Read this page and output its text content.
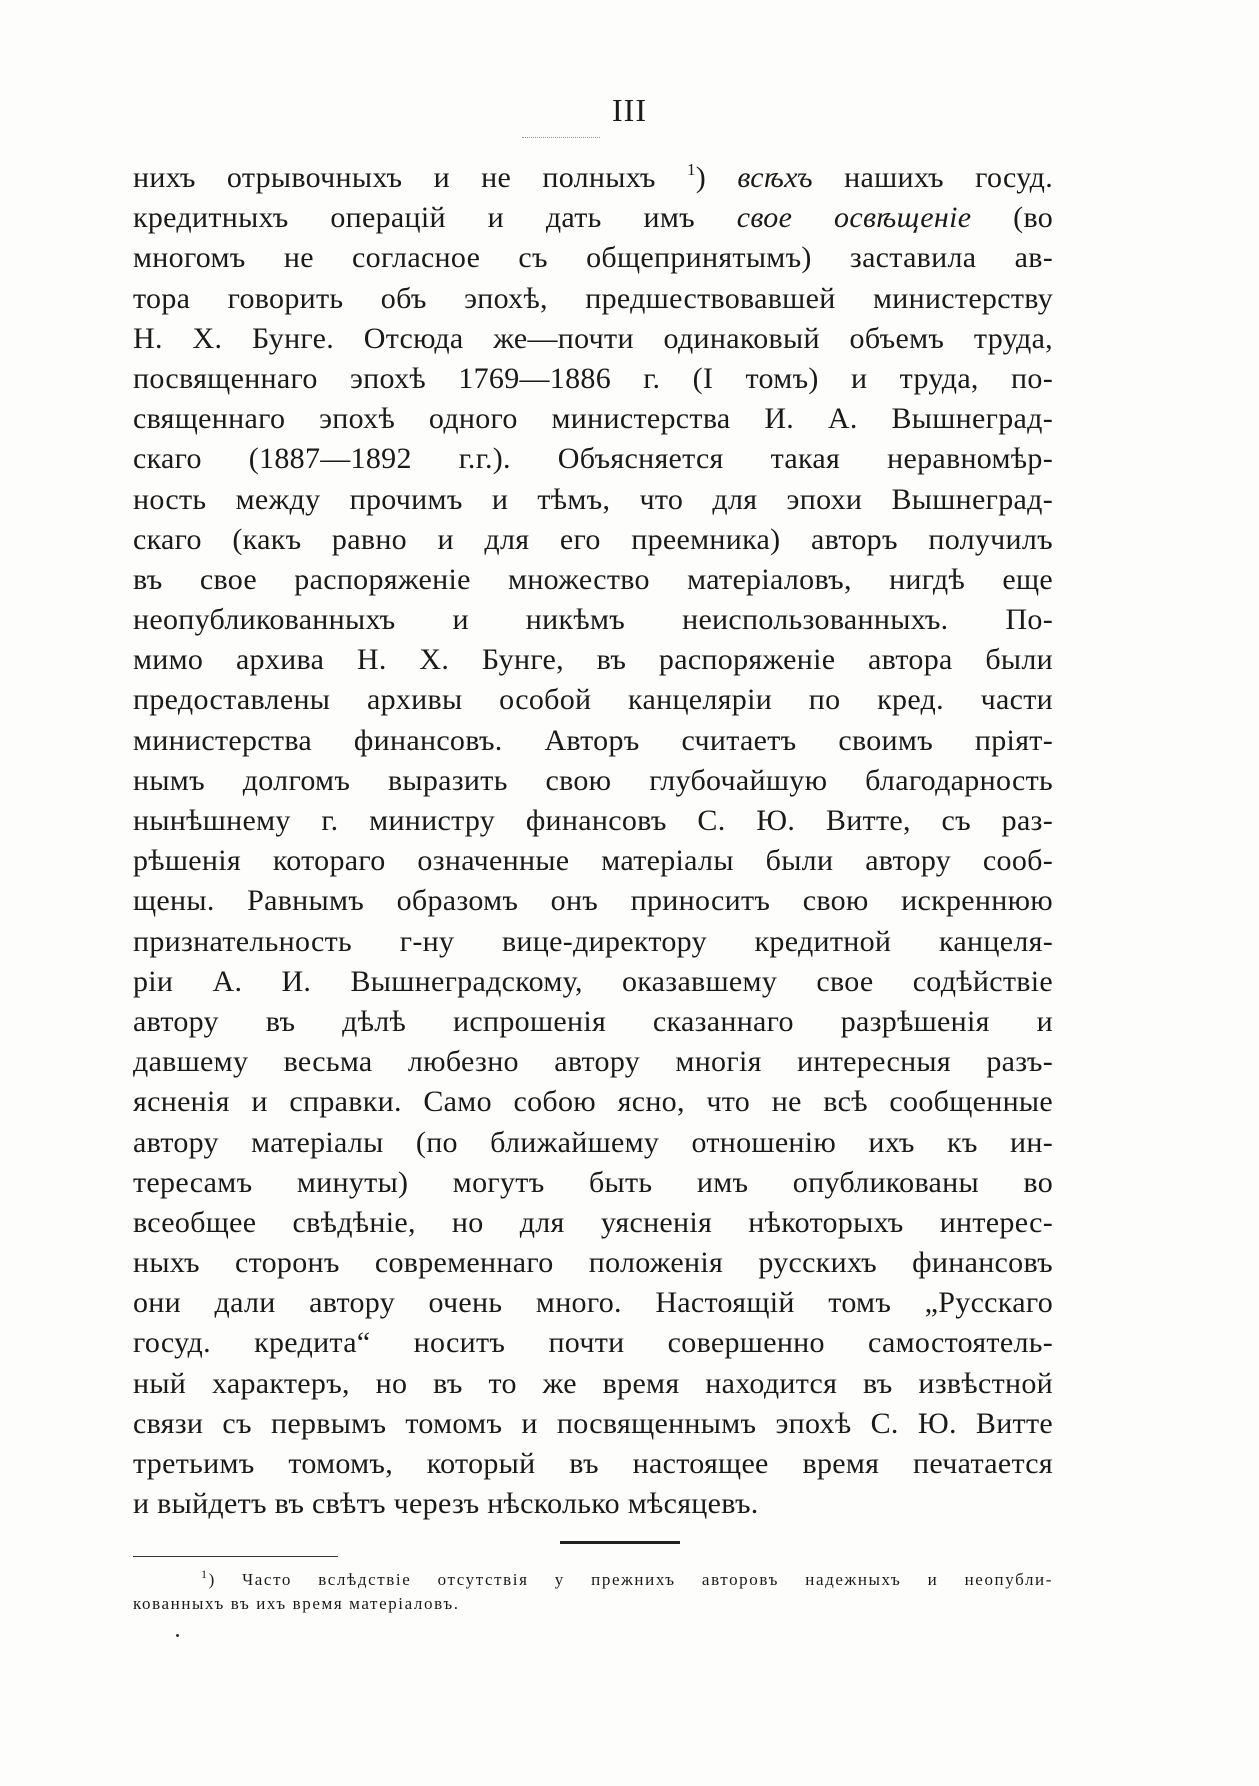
III
нихъ отрывочныхъ и не полныхъ $^1$) всѣхъ нашихъ госуд.
кредитныхъ операцій и дать имъ свое освѣщеніе (во
многомъ не согласное съ общепринятымъ) заставила ав-
тора говорить объ эпохѣ, предшествовавшей министерству
Н. Х. Бунге. Отсюда же—почти одинаковый объемъ труда,
посвященнаго эпохѣ 1769—1886 г. (I томъ) и труда, по-
священнаго эпохѣ одного министерства И. А. Вышнеград-
скаго (1887—1892 г.г.). Объясняется такая неравномѣр-
ность между прочимъ и тѣмъ, что для эпохи Вышнеград-
скаго (какъ равно и для его преемника) авторъ получилъ
въ свое распоряженіе множество матеріаловъ, нигдѣ еще
неопубликованныхъ и никѣмъ неиспользованныхъ. По-
мимо архива Н. Х. Бунге, въ распоряженіе автора были
предоставлены архивы особой канцеляріи по кред. части
министерства финансовъ. Авторъ считаетъ своимъ пріят-
нымъ долгомъ выразить свою глубочайшую благодарность
нынѣшнему г. министру финансовъ С. Ю. Витте, съ раз-
рѣшенія котораго означенные матеріалы были автору сооб-
щены. Равнымъ образомъ онъ приноситъ свою искреннюю
признательность г-ну вице-директору кредитной канцеля-
ріи А. И. Вышнеградскому, оказавшему свое содѣйствіе
автору въ дѣлѣ испрошенія сказаннаго разрѣшенія и
давшему весьма любезно автору многія интересныя разъ-
ясненія и справки. Само собою ясно, что не всѣ сообщенные
автору матеріалы (по ближайшему отношенію ихъ къ ин-
тересамъ минуты) могутъ быть имъ опубликованы во
всеобщее свѣдѣніе, но для уясненія нѣкоторыхъ интерес-
ныхъ сторонъ современнаго положенія русскихъ финансовъ
они дали автору очень много. Настоящій томъ „Русскаго
госуд. кредита“ носитъ почти совершенно самостоятель-
ный характеръ, но въ то же время находится въ извѣстной
связи съ первымъ томомъ и посвященнымъ эпохѣ С. Ю. Витте
третьимъ томомъ, который въ настоящее время печатается
и выйдетъ въ свѣтъ черезъ нѣсколько мѣсяцевъ.
$^1$) Часто вслѣдствіе отсутствія у прежнихъ авторовъ надежныхъ и неопубли-
кованныхъ въ ихъ время матеріаловъ.
